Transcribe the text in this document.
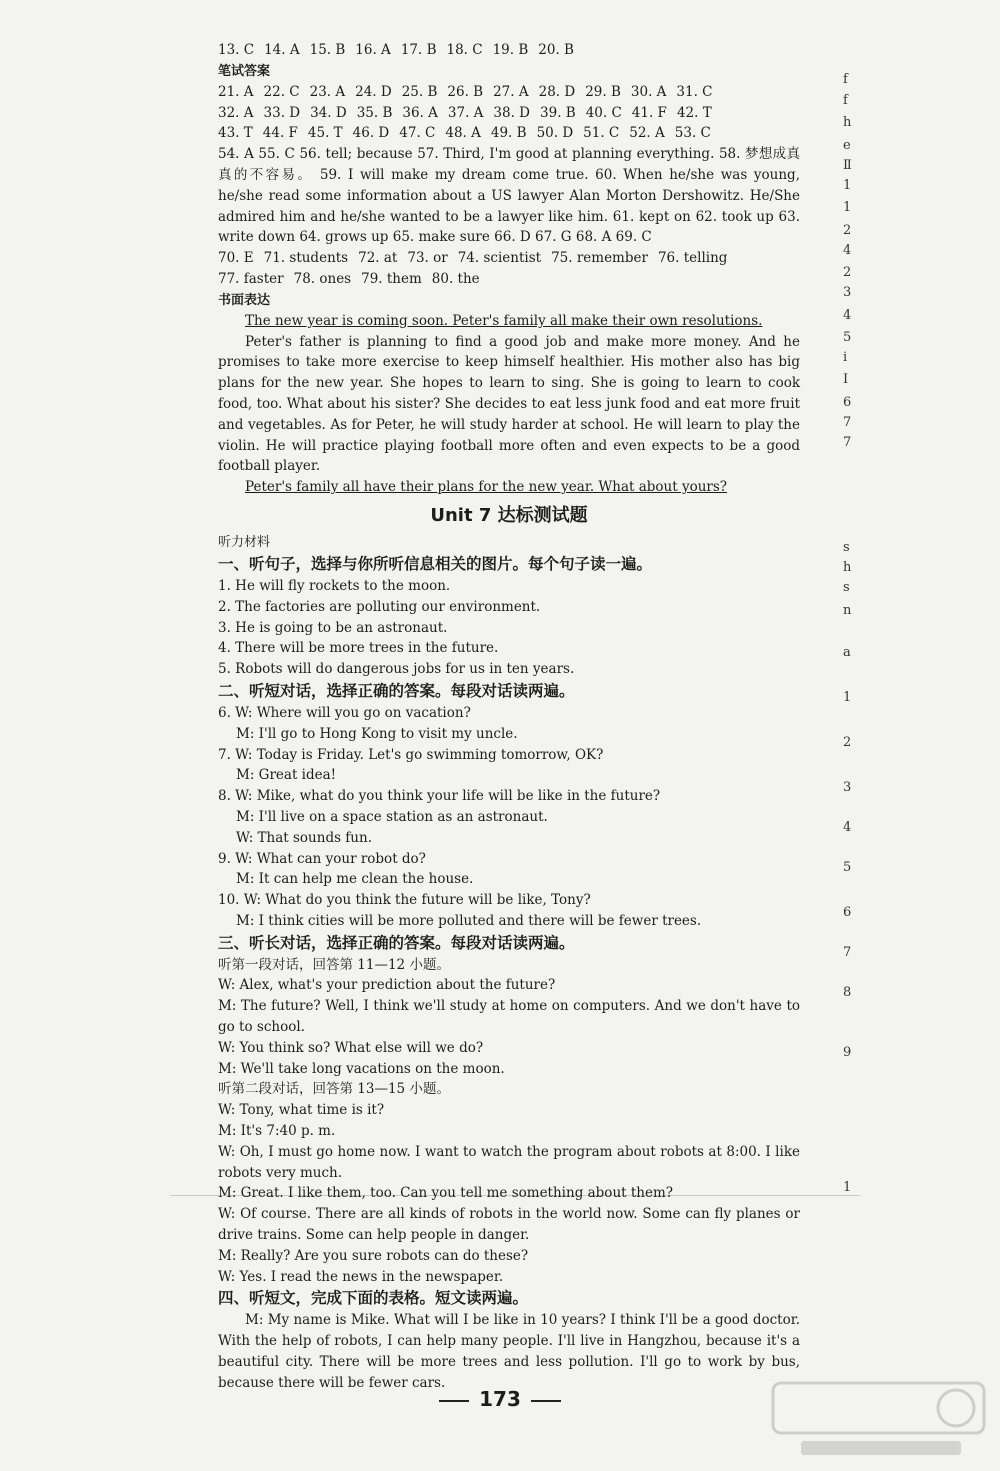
13. C 14. A 15. B 16. A 17. B 18. C 19. B 20. B
笔试答案
21. A 22. C 23. A 24. D 25. B 26. B 27. A 28. D 29. B 30. A 31. C
32. A 33. D 34. D 35. B 36. A 37. A 38. D 39. B 40. C 41. F 42. T
43. T 44. F 45. T 46. D 47. C 48. A 49. B 50. D 51. C 52. A 53. C
54. A 55. C 56. tell; because 57. Third, I'm good at planning everything. 58. 梦想成真真的不容易。 59. I will make my dream come true. 60. When he/she was young, he/she read some information about a US lawyer Alan Morton Dershowitz. He/She admired him and he/she wanted to be a lawyer like him. 61. kept on 62. took up 63. write down 64. grows up 65. make sure 66. D 67. G 68. A 69. C
70. E 71. students 72. at 73. or 74. scientist 75. remember 76. telling
77. faster 78. ones 79. them 80. the
书面表达
The new year is coming soon. Peter's family all make their own resolutions.
Peter's father is planning to find a good job and make more money. And he promises to take more exercise to keep himself healthier. His mother also has big plans for the new year. She hopes to learn to sing. She is going to learn to cook food, too. What about his sister? She decides to eat less junk food and eat more fruit and vegetables. As for Peter, he will study harder at school. He will learn to play the violin. He will practice playing football more often and even expects to be a good football player.
Peter's family all have their plans for the new year. What about yours?
Unit 7 达标测试题
听力材料
一、听句子，选择与你所听信息相关的图片。每个句子读一遍。
1. He will fly rockets to the moon.
2. The factories are polluting our environment.
3. He is going to be an astronaut.
4. There will be more trees in the future.
5. Robots will do dangerous jobs for us in ten years.
二、听短对话，选择正确的答案。每段对话读两遍。
6. W: Where will you go on vacation?
M: I'll go to Hong Kong to visit my uncle.
7. W: Today is Friday. Let's go swimming tomorrow, OK?
M: Great idea!
8. W: Mike, what do you think your life will be like in the future?
M: I'll live on a space station as an astronaut.
W: That sounds fun.
9. W: What can your robot do?
M: It can help me clean the house.
10. W: What do you think the future will be like, Tony?
M: I think cities will be more polluted and there will be fewer trees.
三、听长对话，选择正确的答案。每段对话读两遍。
听第一段对话，回答第 11—12 小题。
W: Alex, what's your prediction about the future?
M: The future? Well, I think we'll study at home on computers. And we don't have to go to school.
W: You think so? What else will we do?
M: We'll take long vacations on the moon.
听第二段对话，回答第 13—15 小题。
W: Tony, what time is it?
M: It's 7:40 p. m.
W: Oh, I must go home now. I want to watch the program about robots at 8:00. I like robots very much.
M: Great. I like them, too. Can you tell me something about them?
W: Of course. There are all kinds of robots in the world now. Some can fly planes or drive trains. Some can help people in danger.
M: Really? Are you sure robots can do these?
W: Yes. I read the news in the newspaper.
四、听短文，完成下面的表格。短文读两遍。
M: My name is Mike. What will I be like in 10 years? I think I'll be a good doctor. With the help of robots, I can help many people. I'll live in Hangzhou, because it's a beautiful city. There will be more trees and less pollution. I'll go to work by bus, because there will be fewer cars.
173
f
f
h
e
Ⅱ
1
1
2
4
2
3
4
5
i
I
6
7
7
s
h
s
n
a
1
2
3
4
5
6
7
8
9
1
